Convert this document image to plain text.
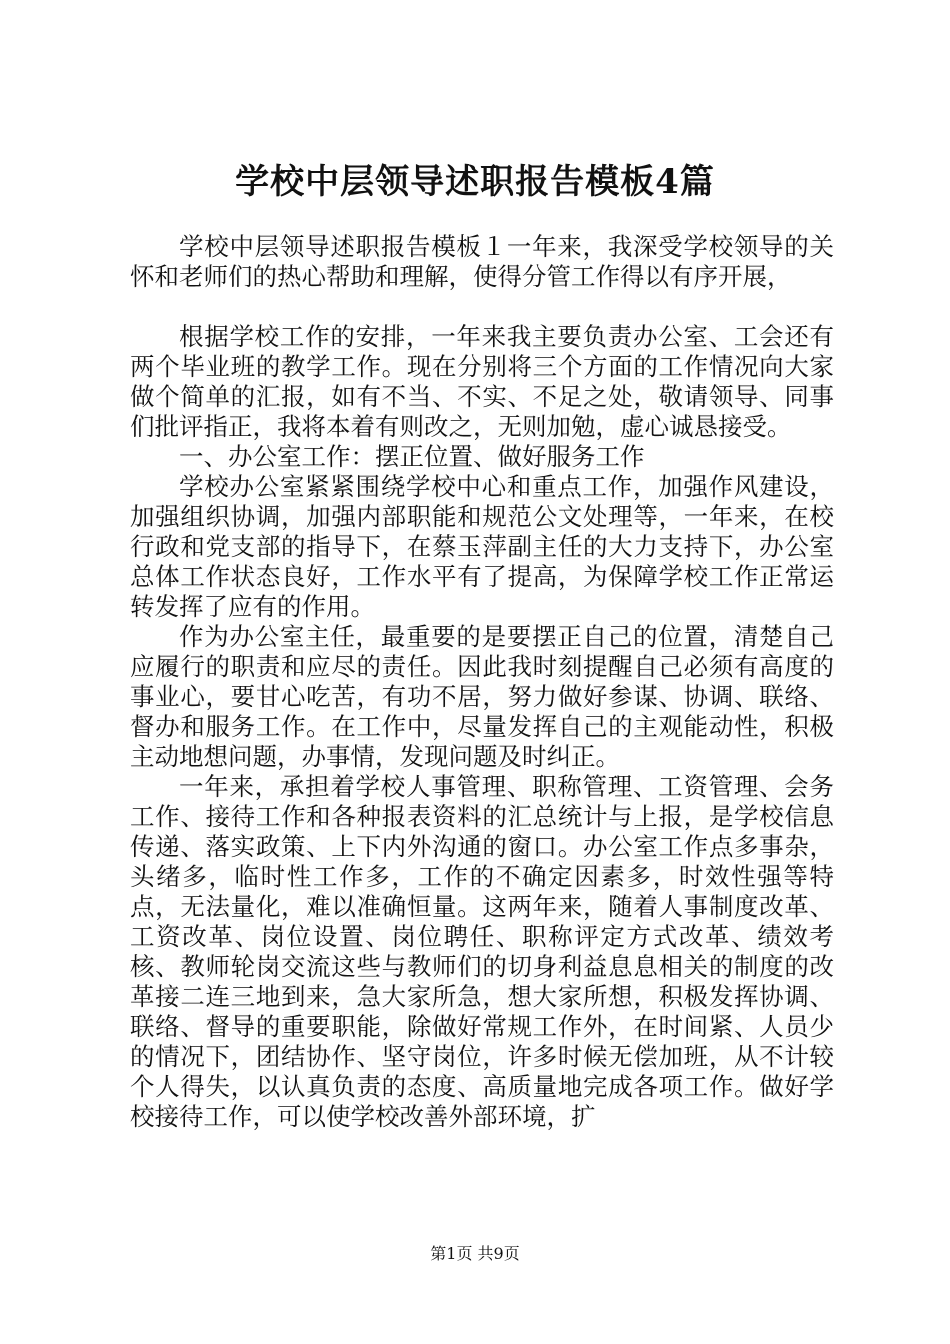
学校中层领导述职报告模板4篇

学校中层领导述职报告模板１一年来，我深受学校领导的关怀和老师们的热心帮助和理解，使得分管工作得以有序开展，

根据学校工作的安排，一年来我主要负责办公室、工会还有两个毕业班的教学工作。现在分别将三个方面的工作情况向大家做个简单的汇报，如有不当、不实、不足之处，敬请领导、同事们批评指正，我将本着有则改之，无则加勉，虚心诚恳接受。

一、办公室工作：摆正位置、做好服务工作

学校办公室紧紧围绕学校中心和重点工作，加强作风建设，加强组织协调，加强内部职能和规范公文处理等，一年来，在校行政和党支部的指导下，在蔡玉萍副主任的大力支持下，办公室总体工作状态良好，工作水平有了提高，为保障学校工作正常运转发挥了应有的作用。

作为办公室主任，最重要的是要摆正自己的位置，清楚自己应履行的职责和应尽的责任。因此我时刻提醒自己必须有高度的事业心，要甘心吃苦，有功不居，努力做好参谋、协调、联络、督办和服务工作。在工作中，尽量发挥自己的主观能动性，积极主动地想问题，办事情，发现问题及时纠正。

一年来，承担着学校人事管理、职称管理、工资管理、会务工作、接待工作和各种报表资料的汇总统计与上报，是学校信息传递、落实政策、上下内外沟通的窗口。办公室工作点多事杂，头绪多，临时性工作多，工作的不确定因素多，时效性强等特点，无法量化，难以准确恒量。这两年来，随着人事制度改革、工资改革、岗位设置、岗位聘任、职称评定方式改革、绩效考核、教师轮岗交流这些与教师们的切身利益息息相关的制度的改革接二连三地到来，急大家所急，想大家所想，积极发挥协调、联络、督导的重要职能，除做好常规工作外，在时间紧、人员少的情况下，团结协作、坚守岗位，许多时候无偿加班，从不计较个人得失，以认真负责的态度、高质量地完成各项工作。做好学校接待工作，可以使学校改善外部环境，扩

第1页 共9页
